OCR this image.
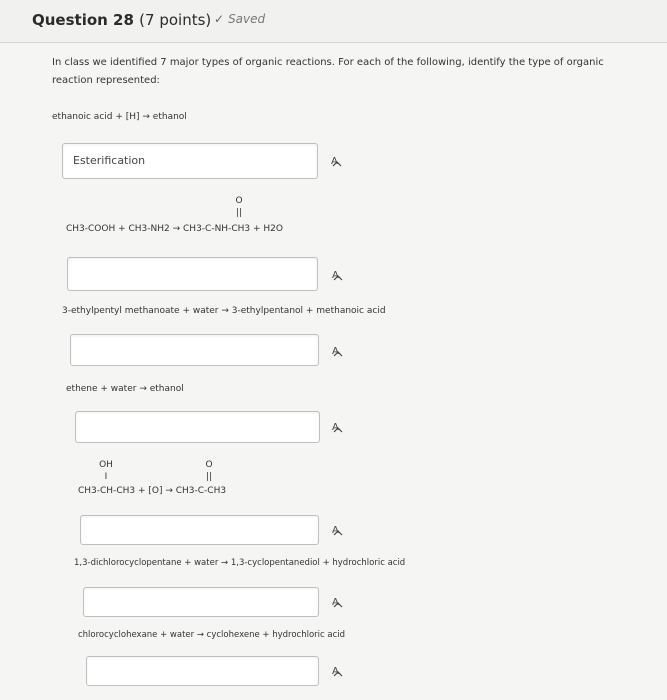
Question 28 (7 points) ✓ Saved
In class we identified 7 major types of organic reactions. For each of the following, identify the type of organic reaction represented:
ethanoic acid + [H] → ethanol
Esterification	A
O
||
CH3-COOH + CH3-NH2 → CH3-C-NH-CH3 + H2O
A
3-ethylpentyl methanoate + water → 3-ethylpentanol + methanoic acid
A
ethene + water → ethanol
A
OH
I
O
||
CH3-CH-CH3 + [O] → CH3-C-CH3
A
1,3-dichlorocyclopentane + water → 1,3-cyclopentanediol + hydrochloric acid
A
chlorocyclohexane + water → cyclohexene + hydrochloric acid
A
